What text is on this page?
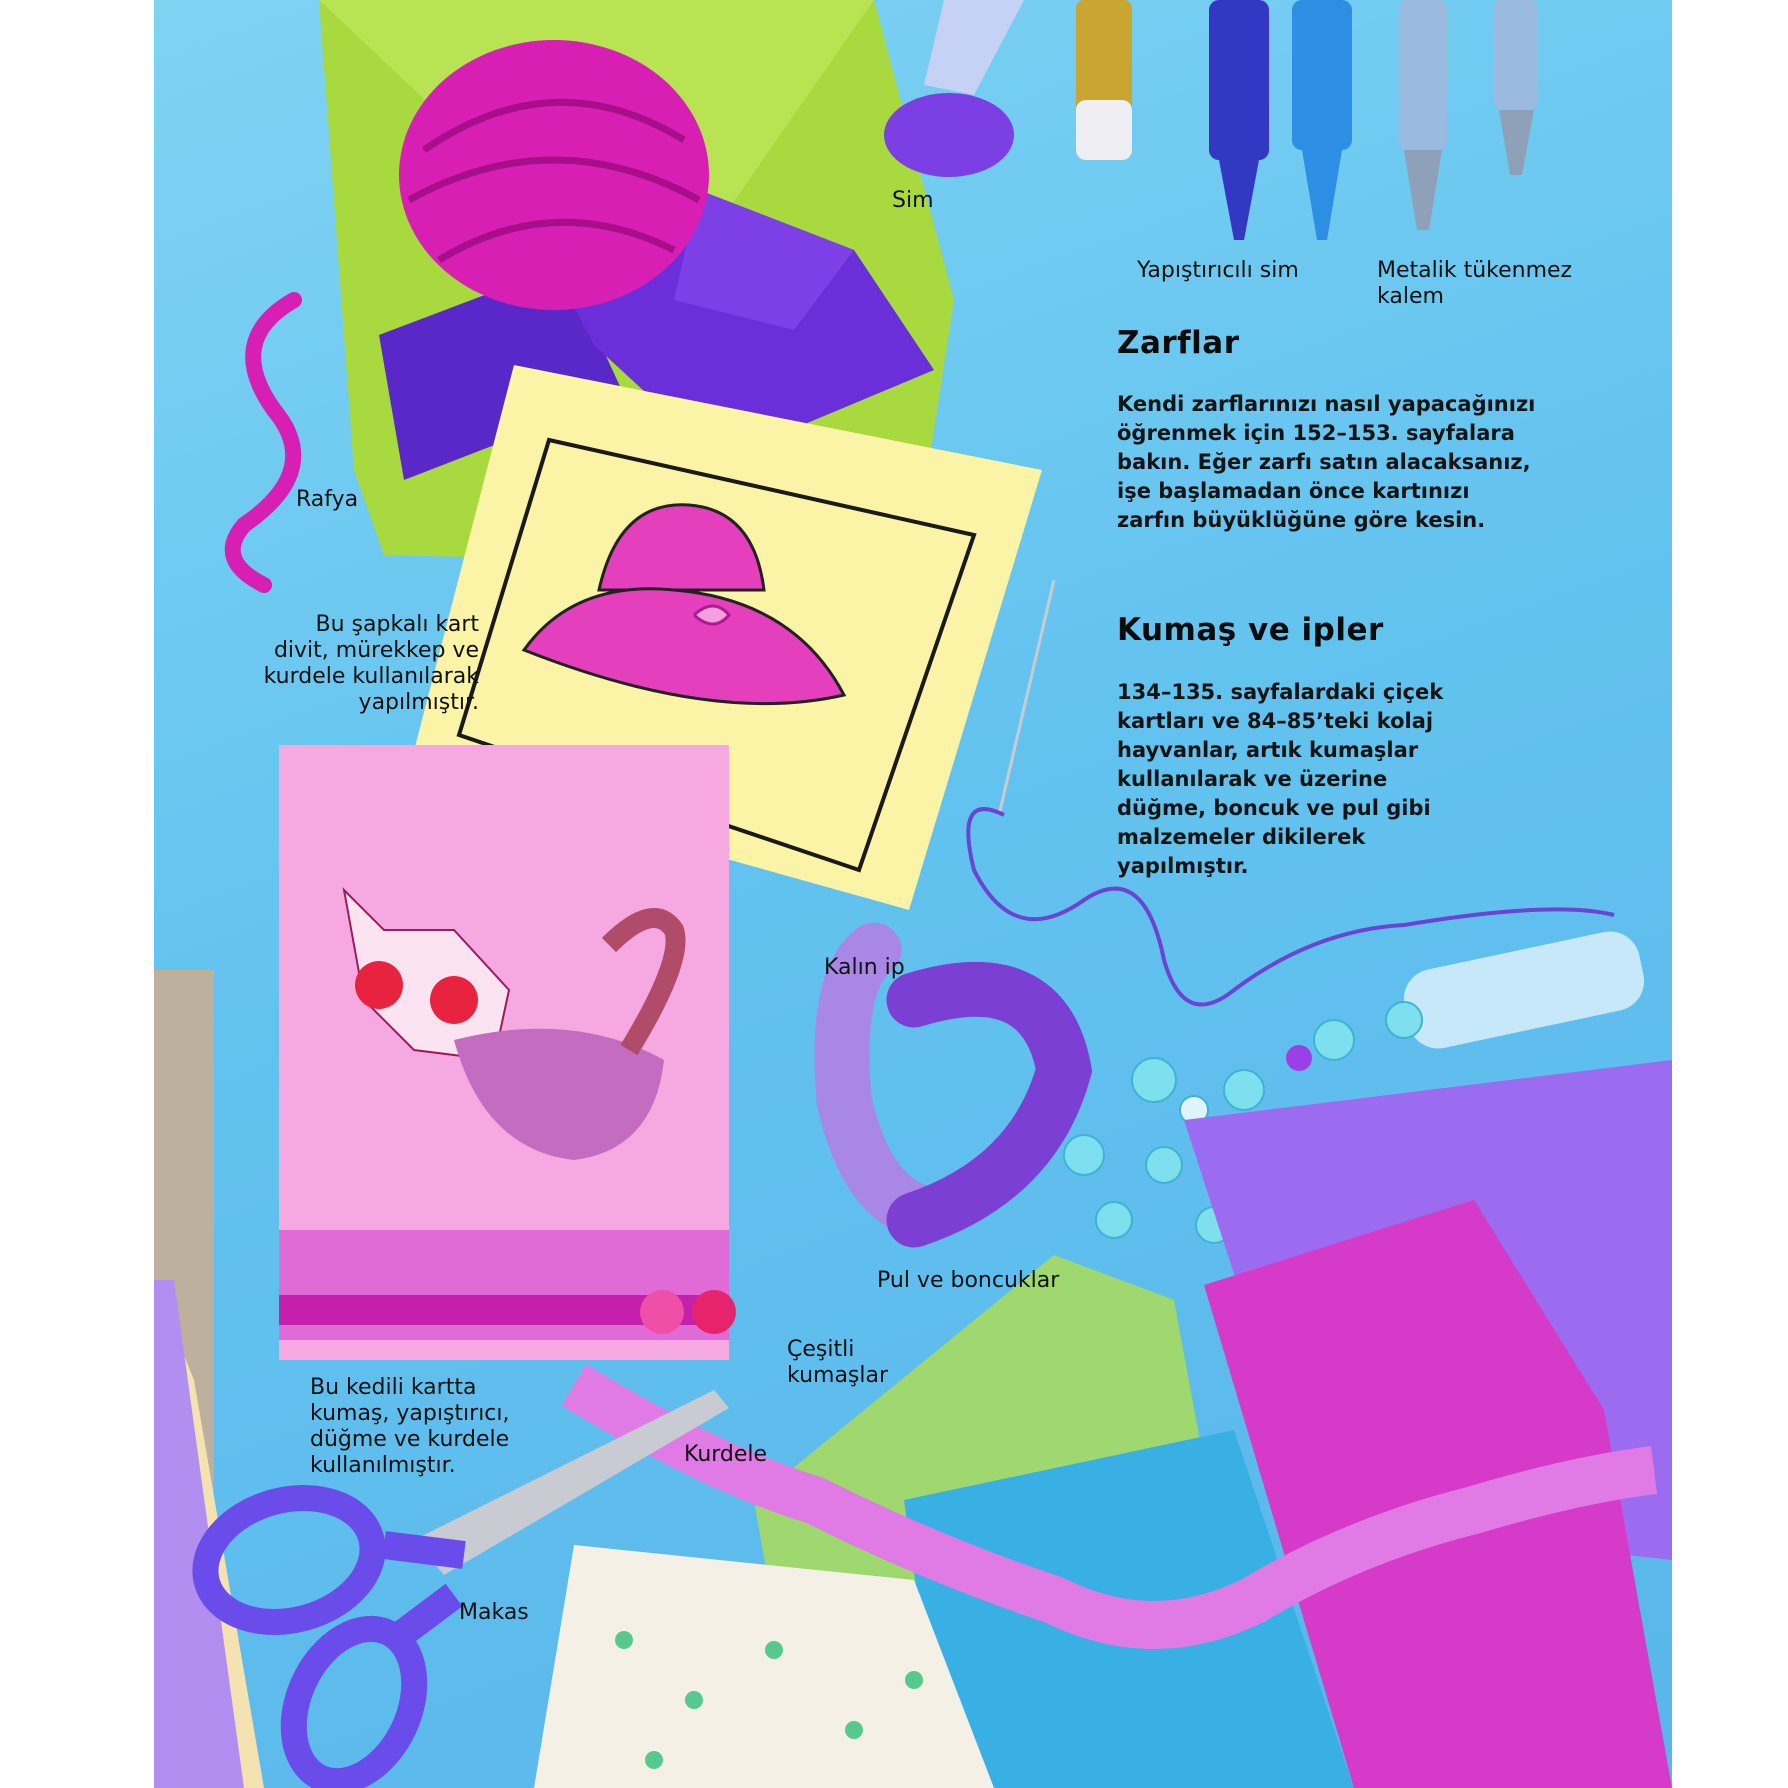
Sim
Yapıştırıcılı sim	Metalik tükenmez
kalem
Rafya
Bu şapkalı kart
divit, mürekkep ve
kurdele kullanılarak
yapılmıştır.
Kalın ip
Pul ve boncuklar
Çeşitli
kumaşlar
Bu kedili kartta
kumaş, yapıştırıcı,
düğme ve kurdele
kullanılmıştır.	Kurdele
Makas
Zarflar
Kendi zarflarınızı nasıl yapacağınızı öğrenmek için 152–153. sayfalara bakın. Eğer zarfı satın alacaksanız, işe başlamadan önce kartınızı zarfın büyüklüğüne göre kesin.
Kumaş ve ipler
134–135. sayfalardaki çiçek kartları ve 84–85’teki kolaj hayvanlar, artık kumaşlar kullanılarak ve üzerine düğme, boncuk ve pul gibi malzemeler dikilerek yapılmıştır.
